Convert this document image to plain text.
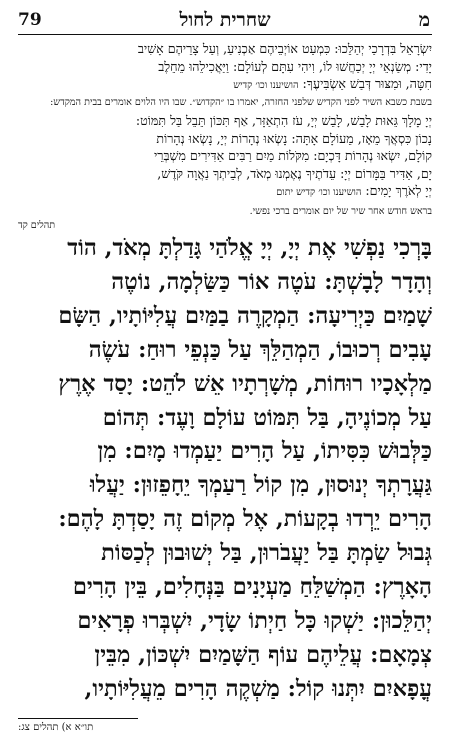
79	שחרית לחול	מ

יִשְׂרָאֵל בִּדְרָכַי יְהַלֵּכוּ: כִּמְעַט אוֹיְבֵיהֶם אַכְנִיעַ, וְעַל צָרֵיהֶם אָשִׁיב

יָדִי: מְשַׂנְאֵי יְיָ יְכַחֲשׁוּ לוֹ, וִיהִי עִתָּם לְעוֹלָם: וַיַּאֲכִילֵהוּ מֵחֵלֶב

חִטָּה, וּמִצּוּר דְּבַשׁ אַשְׂבִּיעֶךָ: הושיענו וכו׳ קדיש

בשבת כשבא השיר לפני הקדיש שלפני החזרה, יאמרו בו ״הקדוש״. שבו היו הלוים אומרים בבית המקדש:

יְיָ מָלָךְ גֵּאוּת לָבֵשׁ, לָבֵשׁ יְיָ, עֹז הִתְאַזָּר, אַף תִּכּוֹן תֵּבֵל בַּל תִּמּוֹט:

נָכוֹן כִּסְאֲךָ מֵאָז, מֵעוֹלָם אָתָּה: נָשְׂאוּ נְהָרוֹת יְיָ, נָשְׂאוּ נְהָרוֹת

קוֹלָם, יִשְׂאוּ נְהָרוֹת דָּכְיָם: מִקֹּלוֹת מַיִם רַבִּים אַדִּירִים מִשְׁבְּרֵי

יָם, אַדִּיר בַּמָּרוֹם יְיָ: עֵדֹתֶיךָ נֶאֶמְנוּ מְאֹד, לְבֵיתְךָ נַאֲוָה קֹּדֶשׁ,

יְיָ לְאֹרֶךְ יָמִים: הושיענו וכו׳ קדיש יתום

בראש חודש אחר שיר של יום אומרים ברכי נפשי.
תהלים קד

בָּרְכִי נַפְשִׁי אֶת יְיָ, יְיָ אֱלֹהַי גָּדַלְתָּ מְאֹד, הוֹד

וְהָדָר לָבָשְׁתָּ: עֹטֶה אוֹר כַּשַּׂלְמָה, נוֹטֶה

שָׁמַיִם כַּיְרִיעָה: הַמְקָרֶה בַמַּיִם עֲלִיּוֹתָיו, הַשָּׂם

עָבִים רְכוּבוֹ, הַמְהַלֵּךְ עַל כַּנְפֵי רוּחַ: עֹשֶׂה

מַלְאָכָיו רוּחוֹת, מְשָׁרְתָיו אֵשׁ לֹהֵט: יָסַד אֶרֶץ

עַל מְכוֹנֶיהָ, בַּל תִּמּוֹט עוֹלָם וָעֶד: תְּהוֹם

כַּלְּבוּשׁ כִּסִּיתוֹ, עַל הָרִים יַעַמְדוּ מָיִם: מִן

גַּעֲרָתְךָ יְנוּסוּן, מִן קוֹל רַעַמְךָ יֵחָפֵזוּן: יַעֲלוּ

הָרִים יֵרְדוּ בְקָעוֹת, אֶל מְקוֹם זֶה יָסַדְתָּ לָהֶם:

גְּבוּל שַׂמְתָּ בַּל יַעֲבֹרוּן, בַּל יְשׁוּבוּן לְכַסּוֹת

הָאָרֶץ: הַמְשַׁלֵּחַ מַעְיָנִים בַּנְּחָלִים, בֵּין הָרִים

יְהַלֵּכוּן: יַשְׁקוּ כָּל חַיְתוֹ שָׂדָי, יִשְׁבְּרוּ פְרָאִים

צְמָאָם: עֲלֵיהֶם עוֹף הַשָּׁמַיִם יִשְׁכּוֹן, מִבֵּין

עֳפָאיִם יִתְּנוּ קוֹל: מַשְׁקֶה הָרִים מֵעֲלִיּוֹתָיו,

תו״א א) תהלים צג:
